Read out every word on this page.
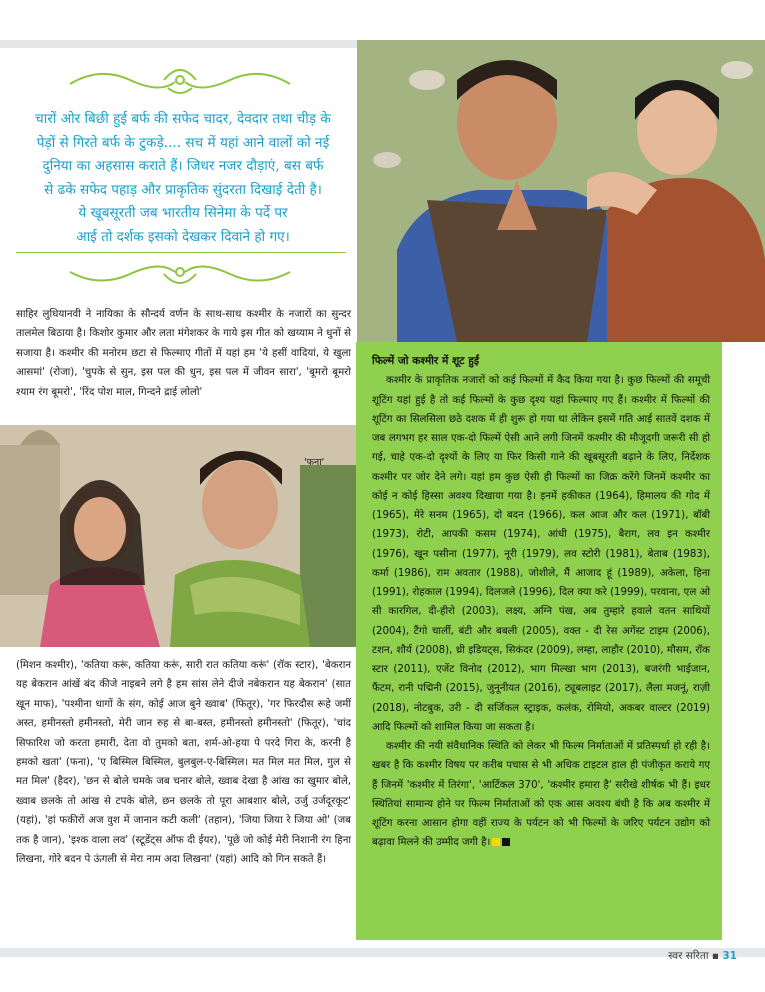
चारों ओर बिछी हुई बर्फ की सफेद चादर, देवदार तथा चीड़ के

पेड़ों से गिरते बर्फ के टुकड़े.... सच में यहां आने वालों को नई

दुनिया का अहसास कराते हैं। जिधर नजर दौड़ाएं, बस बर्फ

से ढके सफेद पहाड़ और प्राकृतिक सुंदरता दिखाई देती है।

ये खूबसूरती जब भारतीय सिनेमा के पर्दे पर

आई तो दर्शक इसको देखकर दिवाने हो गए।

साहिर लुधियानवी ने नायिका के सौन्दर्य वर्णन के साथ-साथ कश्मीर के नजारों का सुन्दर तालमेल बिठाया है। किशोर कुमार और लता मंगेशकर के गाये इस गीत को खय्याम ने धुनों से सजाया है। कश्मीर की मनोरम छटा से फिल्माए गीतों में यहां हम 'ये हसीं वादियां, ये खुला आसमां' (रोजा), 'चुपके से सुन, इस पल की धुन, इस पल में जीवन सारा', 'बूमरो बूमरो श्याम रंग बूमरो', 'रिंद पोश माल, गिन्दने द्राई लोलो'
'फना'
(मिशन कश्मीर), 'कतिया करूं, कतिया करूं, सारी रात कतिया करूं' (रॉक स्टार), 'बेकरान यह बेकरान आंखें बंद कीजे नाइबने लगे है हम सांस लेने दीजे नबेकरान यह बेकरान' (सात खून माफ), 'पश्मीना धागों के संग, कोई आज बुने ख्वाब' (फितूर), 'गर फिरदौस रूहे जमीं अस्त, हमीनस्तो हमीनस्तो, मेरी जान रुह से बा-बस्त, हमीनस्तो हमीनस्तो' (फितूर), 'चांद सिफारिश जो करता हमारी, देता वो तुमको बता, शर्म-ओ-हया पे परदे गिरा के, करनी है हमको खता' (फना), 'ए बिस्मिल बिस्मिल, बुलबुल-ए-बिस्मिल। मत मिल मत मिल, गुल से मत मिल' (हैदर), 'छन से बोले चमके जब चनार बोले, ख्वाब देखा है आंख का खुमार बोले, ख्वाब छलके तो आंख से टपके बोले, छन छलके तो पूरा आबशार बोले, उर्जु उर्जदूरकूट' (यहां), 'हां फकीरों अज वुश में जानान कटी कली' (तहान), 'जिया जिया रे जिया ओ' (जब तक है जान), 'इश्क वाला लव' (स्टूडेंट्स ऑफ दी ईयर), 'पूछे जो कोई मेरी निशानी रंग हिना लिखना, गोरे बदन पे ऊंगली से मेरा नाम अदा लिखना' (यहां) आदि को गिन सकते हैं।
फिल्में जो कश्मीर में शूट हुईं

कश्मीर के प्राकृतिक नजारों को कई फिल्मों में कैद किया गया है। कुछ फिल्मों की समूची शूटिंग यहां हुई है तो कई फिल्मों के कुछ दृश्य यहां फिल्माए गए हैं। कश्मीर में फिल्मों की शूटिंग का सिलसिला छठे दशक में ही शुरू हो गया था लेकिन इसमें गति आई सातवें दशक में जब लगभग हर साल एक-दो फिल्में ऐसी आने लगी जिनमें कश्मीर की मौजूदगी जरूरी सी हो गई, चाहे एक-दो दृश्यों के लिए या फिर किसी गाने की खूबसूरती बढ़ाने के लिए, निर्देशक कश्मीर पर जोर देने लगे। यहां हम कुछ ऐसी ही फिल्मों का जिक्र करेंगे जिनमें कश्मीर का कोई न कोई हिस्सा अवश्य दिखाया गया है। इनमें हकीकत (1964), हिमालय की गोद में (1965), मेरे सनम (1965), दो बदन (1966), कल आज और कल (1971), बॉबी (1973), रोटी, आपकी कसम (1974), आंधी (1975), बैराग, लव इन कश्मीर (1976), खून पसीना (1977), नूरी (1979), लव स्टोरी (1981), बेताब (1983), कर्मा (1986), राम अवतार (1988), जोशीले, मैं आजाद हूं (1989), अकेला, हिना (1991), रोहकाल (1994), दिलजले (1996), दिल क्या करे (1999), परवाना, एल ओ सी कारगिल, दी-हीरो (2003), लक्ष्य, अग्नि पंख, अब तुम्हारे हवाले वतन साथियों (2004), टैंगो चार्ली, बंटी और बबली (2005), वक्त - दी रेस अगेंस्ट टाइम (2006), टशन, शौर्य (2008), थ्री इडियट्स, सिकंदर (2009), लम्हा, लाहौर (2010), मौसम, रॉक स्टार (2011), एजेंट विनोद (2012), भाग मिल्खा भाग (2013), बजरंगी भाईजान, फैंटम, रानी पद्मिनी (2015), जुनूनीयत (2016), ट्यूबलाइट (2017), लैला मजनूं, राज़ी (2018), नोटबुक, उरी - दी सर्जिकल स्ट्राइक, कलंक, रोमियो, अकबर वाल्टर (2019) आदि फिल्मों को शामिल किया जा सकता है।

कश्मीर की नयी संवैधानिक स्थिति को लेकर भी फिल्म निर्माताओं में प्रतिस्पर्धा हो रही है। खबर है कि कश्मीर विषय पर करीब पचास से भी अधिक टाइटल हाल ही पंजीकृत कराये गए हैं जिनमें 'कश्मीर में तिरंगा', 'आर्टिकल 370', 'कश्मीर हमारा है' सरीखे शीर्षक भी हैं। इधर स्थितियां सामान्य होने पर फिल्म निर्माताओं को एक आस अवश्य बंधी है कि अब कश्मीर में शूटिंग करना आसान होगा वहीं राज्य के पर्यटन को भी फिल्मों के जरिए पर्यटन उद्योग को बढ़ावा मिलने की उम्मीद जगी है।

स्वर सरिता ▪ 31
